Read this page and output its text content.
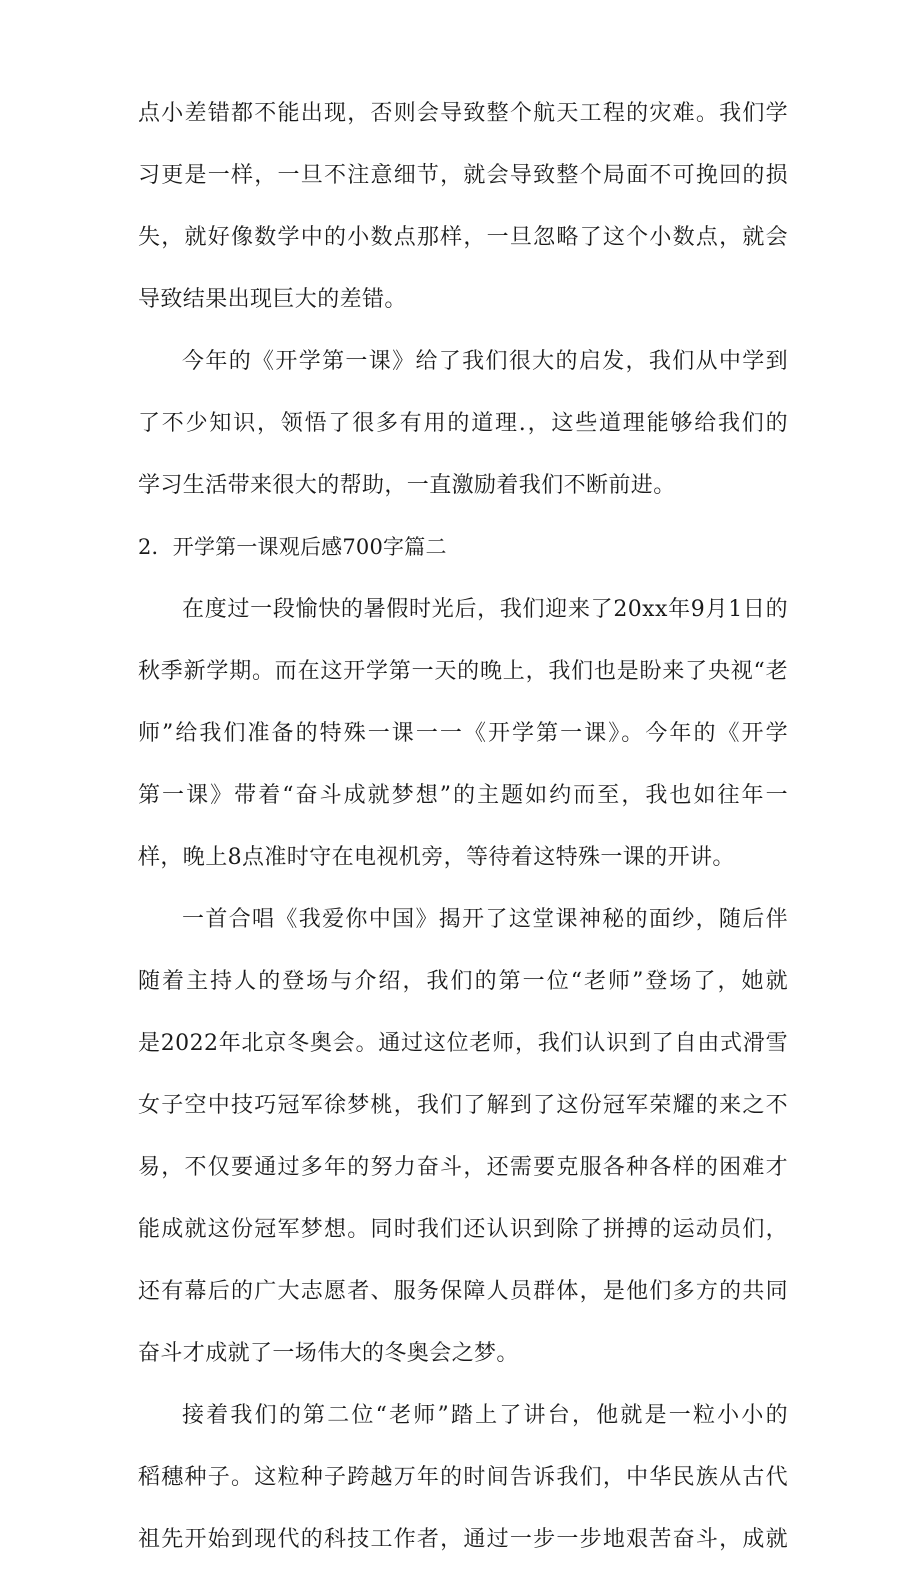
点小差错都不能出现，否则会导致整个航天工程的灾难。我们学
习更是一样，一旦不注意细节，就会导致整个局面不可挽回的损
失，就好像数学中的小数点那样，一旦忽略了这个小数点，就会
导致结果出现巨大的差错。
今年的《开学第一课》给了我们很大的启发，我们从中学到
了不少知识，领悟了很多有用的道理.，这些道理能够给我们的
学习生活带来很大的帮助，一直激励着我们不断前进。
2．开学第一课观后感700字篇二
在度过一段愉快的暑假时光后，我们迎来了20xx年9月1日的
秋季新学期。而在这开学第一天的晚上，我们也是盼来了央视“老
师”给我们准备的特殊一课一一《开学第一课》。今年的《开学
第一课》带着“奋斗成就梦想”的主题如约而至，我也如往年一
样，晚上8点准时守在电视机旁，等待着这特殊一课的开讲。
一首合唱《我爱你中国》揭开了这堂课神秘的面纱，随后伴
随着主持人的登场与介绍，我们的第一位“老师”登场了，她就
是2022年北京冬奥会。通过这位老师，我们认识到了自由式滑雪
女子空中技巧冠军徐梦桃，我们了解到了这份冠军荣耀的来之不
易，不仅要通过多年的努力奋斗，还需要克服各种各样的困难才
能成就这份冠军梦想。同时我们还认识到除了拼搏的运动员们，
还有幕后的广大志愿者、服务保障人员群体，是他们多方的共同
奋斗才成就了一场伟大的冬奥会之梦。
接着我们的第二位“老师”踏上了讲台，他就是一粒小小的
稻穗种子。这粒种子跨越万年的时间告诉我们，中华民族从古代
祖先开始到现代的科技工作者，通过一步一步地艰苦奋斗，成就
